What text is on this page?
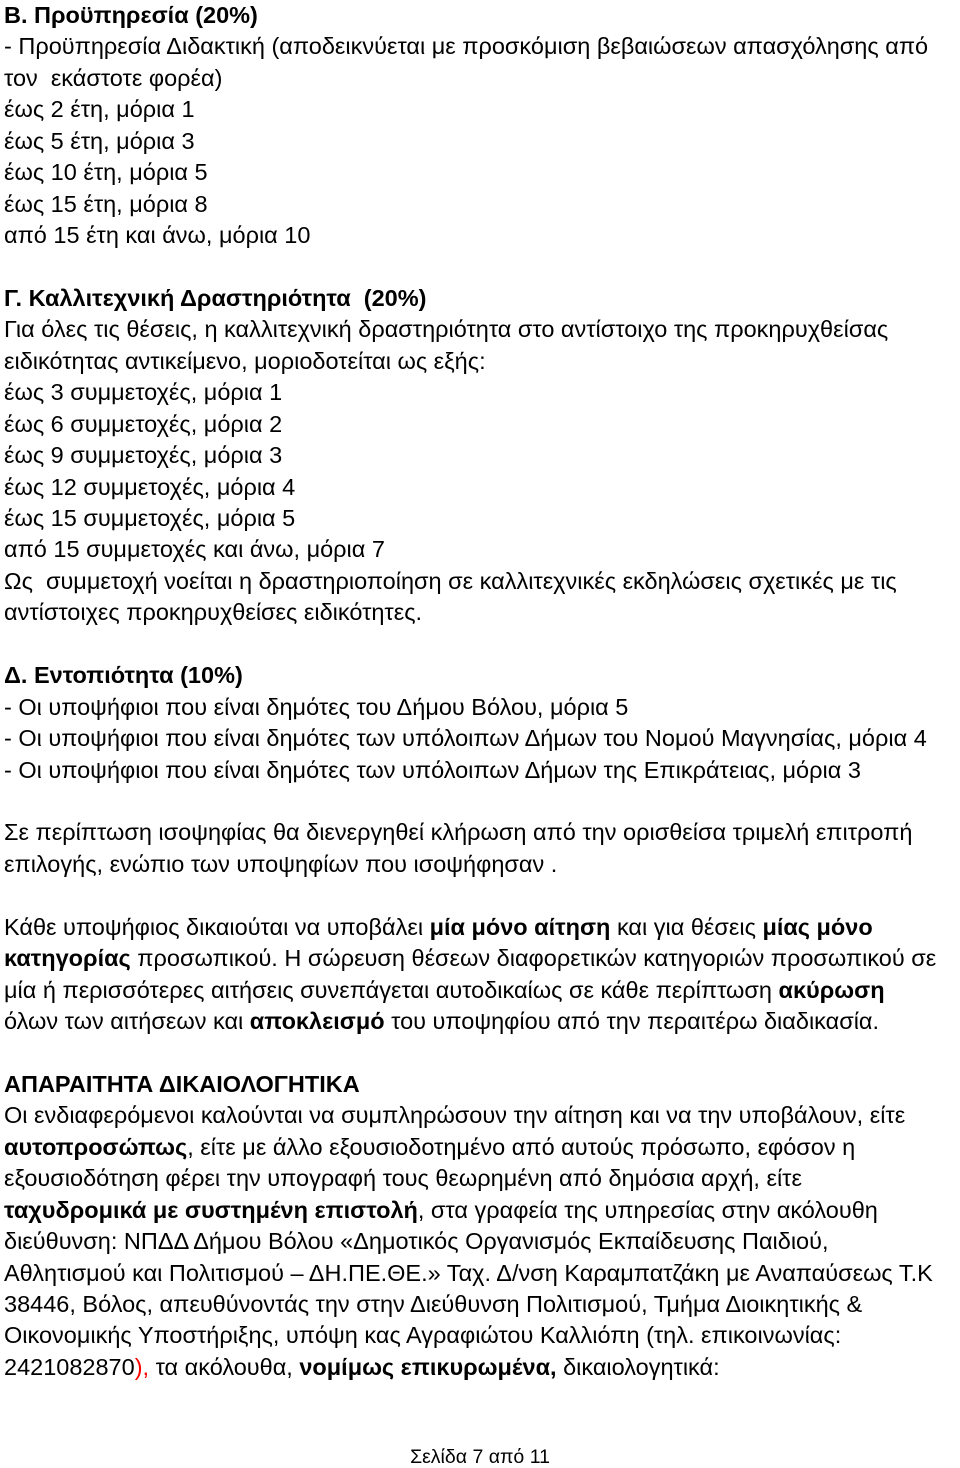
Β. Προϋπηρεσία (20%)
- Προϋπηρεσία Διδακτική (αποδεικνύεται με προσκόμιση βεβαιώσεων απασχόλησης από
τον  εκάστοτε φορέα)
έως 2 έτη, μόρια 1
έως 5 έτη, μόρια 3
έως 10 έτη, μόρια 5
έως 15 έτη, μόρια 8
από 15 έτη και άνω, μόρια 10
Γ. Καλλιτεχνική Δραστηριότητα  (20%)
Για όλες τις θέσεις, η καλλιτεχνική δραστηριότητα στο αντίστοιχο της προκηρυχθείσας
ειδικότητας αντικείμενο, μοριοδοτείται ως εξής:
έως 3 συμμετοχές, μόρια 1
έως 6 συμμετοχές, μόρια 2
έως 9 συμμετοχές, μόρια 3
έως 12 συμμετοχές, μόρια 4
έως 15 συμμετοχές, μόρια 5
από 15 συμμετοχές και άνω, μόρια 7
Ως  συμμετοχή νοείται η δραστηριοποίηση σε καλλιτεχνικές εκδηλώσεις σχετικές με τις
αντίστοιχες προκηρυχθείσες ειδικότητες.
Δ. Εντοπιότητα (10%)
- Οι υποψήφιοι που είναι δημότες του Δήμου Βόλου, μόρια 5
- Οι υποψήφιοι που είναι δημότες των υπόλοιπων Δήμων του Νομού Μαγνησίας, μόρια 4
- Οι υποψήφιοι που είναι δημότες των υπόλοιπων Δήμων της Επικράτειας, μόρια 3
Σε περίπτωση ισοψηφίας θα διενεργηθεί κλήρωση από την ορισθείσα τριμελή επιτροπή
επιλογής, ενώπιο των υποψηφίων που ισοψήφησαν .
Κάθε υποψήφιος δικαιούται να υποβάλει μία μόνο αίτηση και για θέσεις μίας μόνο
κατηγορίας προσωπικού. Η σώρευση θέσεων διαφορετικών κατηγοριών προσωπικού σε
μία ή περισσότερες αιτήσεις συνεπάγεται αυτοδικαίως σε κάθε περίπτωση ακύρωση
όλων των αιτήσεων και αποκλεισμό του υποψηφίου από την περαιτέρω διαδικασία.
ΑΠΑΡΑΙΤΗΤΑ ΔΙΚΑΙΟΛΟΓΗΤΙΚΑ
Οι ενδιαφερόμενοι καλούνται να συμπληρώσουν την αίτηση και να την υποβάλουν, είτε
αυτοπροσώπως, είτε με άλλο εξουσιοδοτημένο από αυτούς πρόσωπο, εφόσον η
εξουσιοδότηση φέρει την υπογραφή τους θεωρημένη από δημόσια αρχή, είτε
ταχυδρομικά με συστημένη επιστολή, στα γραφεία της υπηρεσίας στην ακόλουθη
διεύθυνση: ΝΠΔΔ Δήμου Βόλου «Δημοτικός Οργανισμός Εκπαίδευσης Παιδιού,
Αθλητισμού και Πολιτισμού – ΔΗ.ΠΕ.ΘΕ.» Ταχ. Δ/νση Καραμπατζάκη με Αναπαύσεως Τ.Κ
38446, Βόλος, απευθύνοντάς την στην Διεύθυνση Πολιτισμού, Τμήμα Διοικητικής &
Οικονομικής Υποστήριξης, υπόψη κας Αγραφιώτου Καλλιόπη (τηλ. επικοινωνίας:
2421082870), τα ακόλουθα, νομίμως επικυρωμένα, δικαιολογητικά:
Σελίδα 7 από 11
